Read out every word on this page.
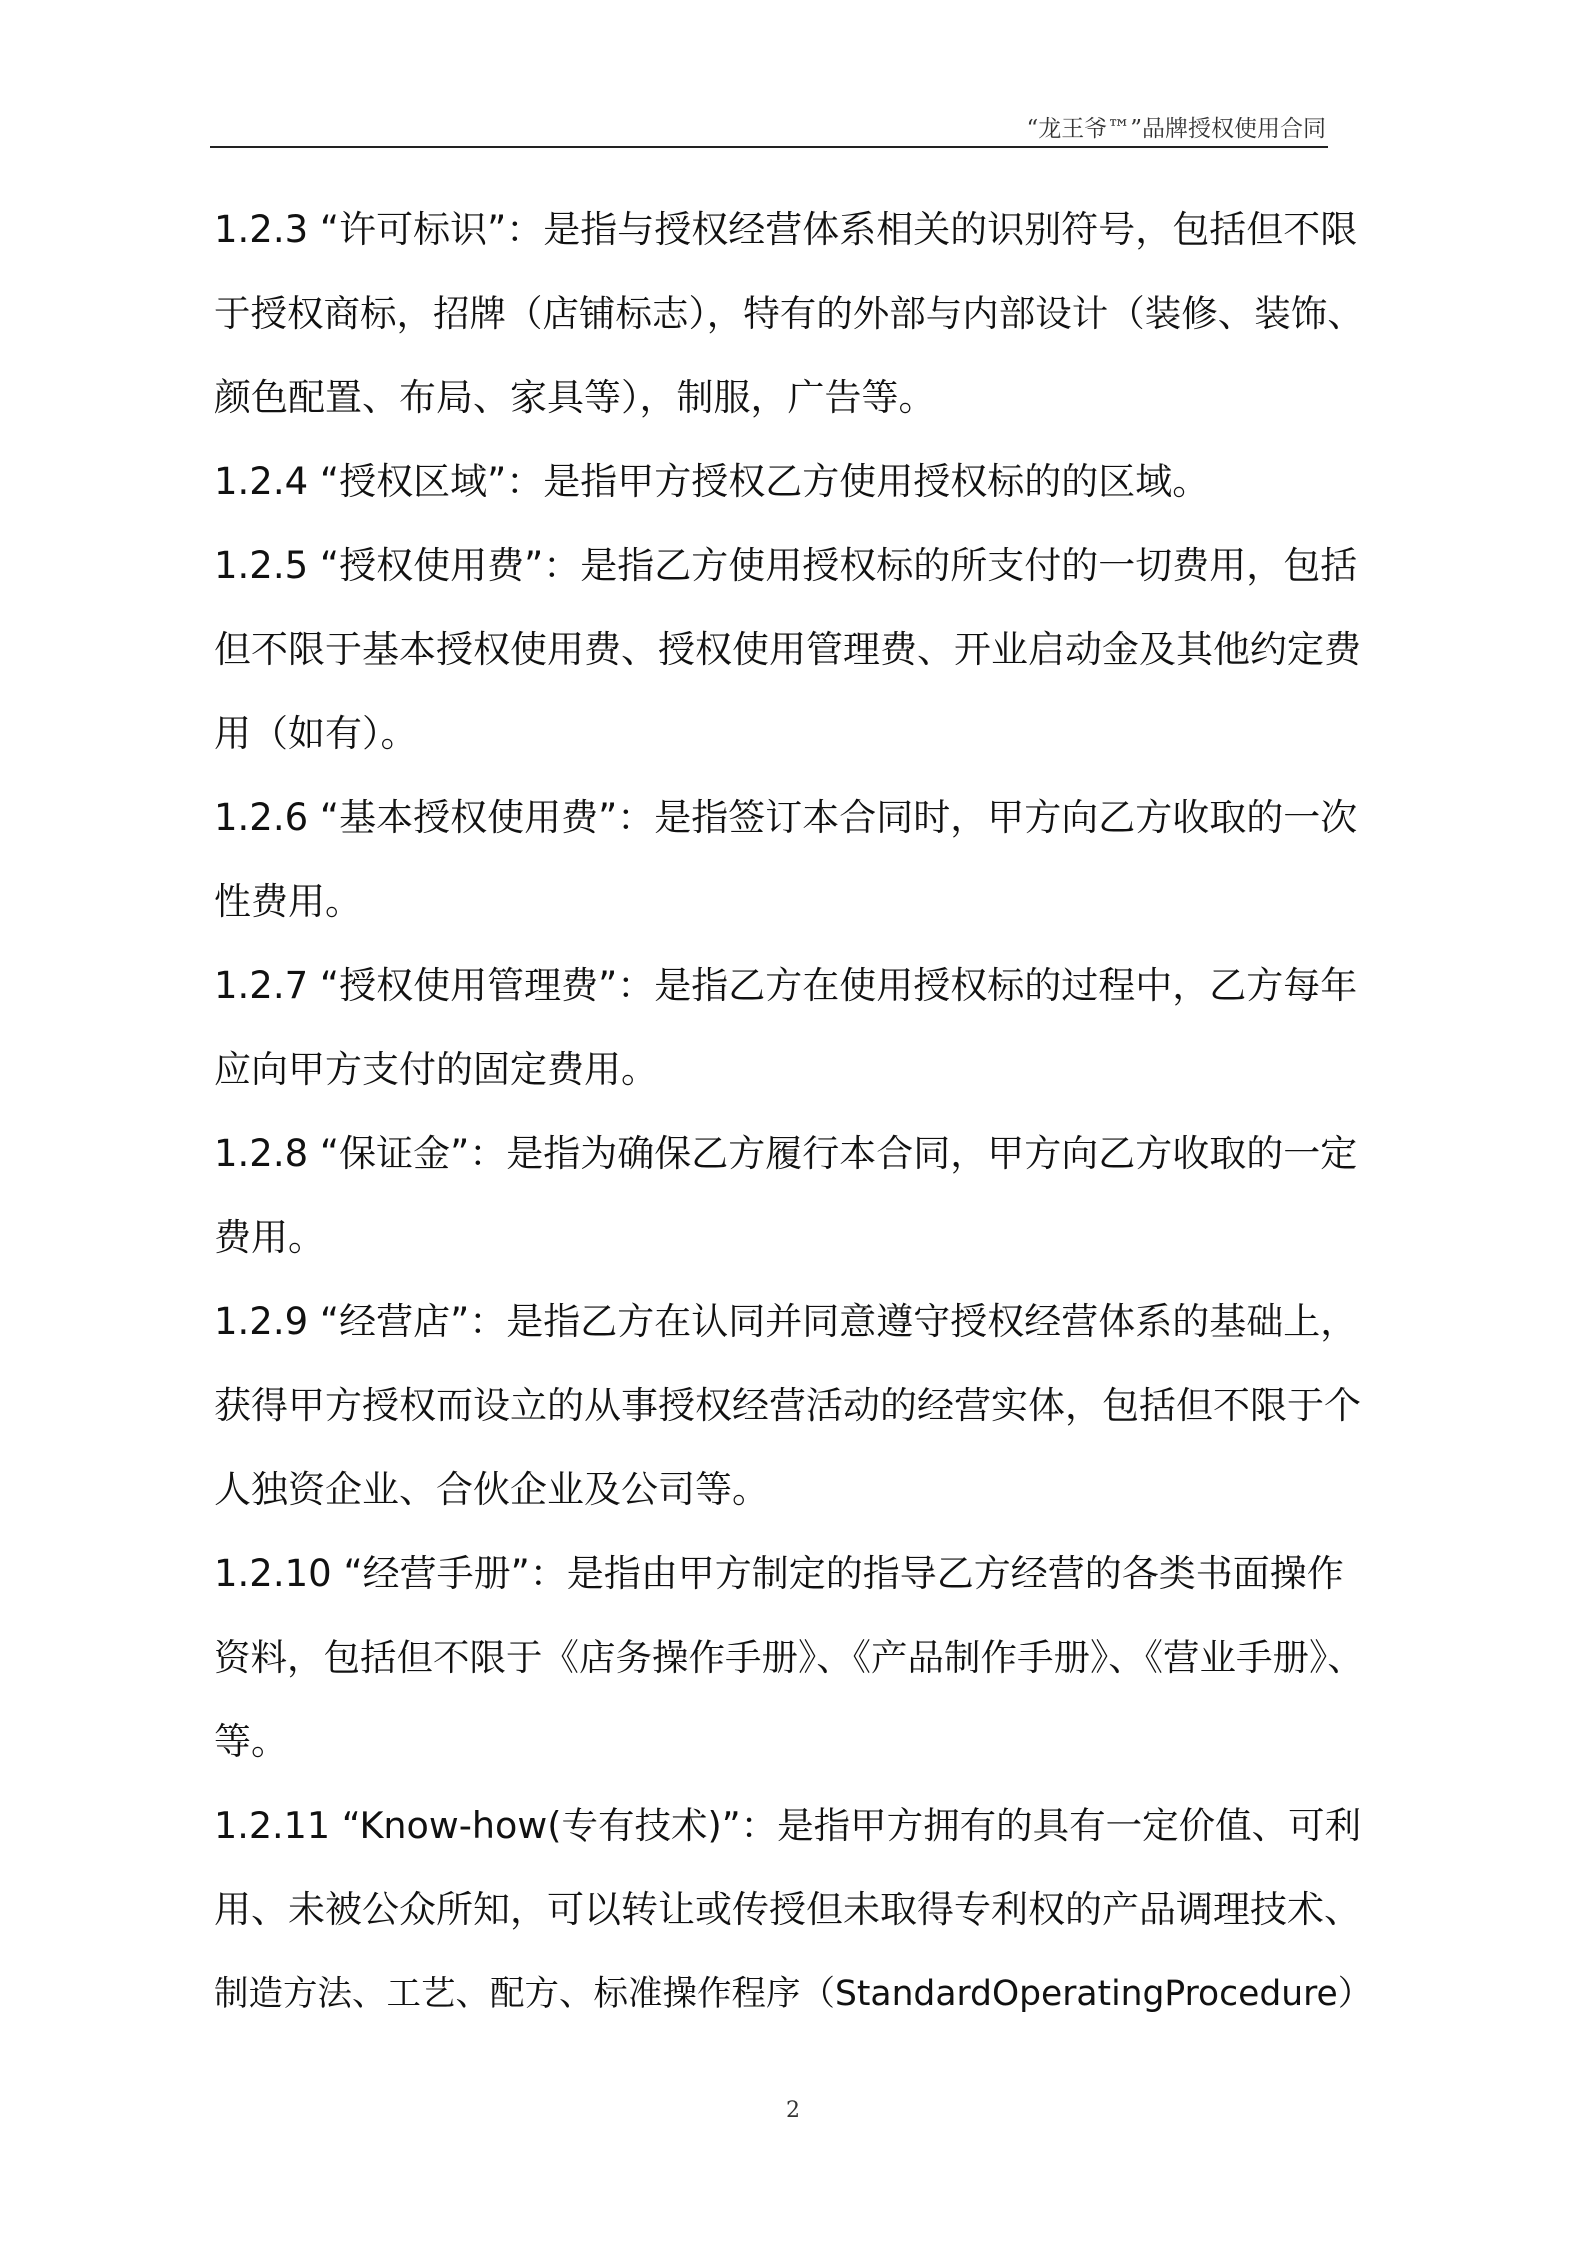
“龙王爷™”品牌授权使用合同
1.2.3 “许可标识”：是指与授权经营体系相关的识别符号，包括但不限
于授权商标，招牌（店铺标志），特有的外部与内部设计（装修、装饰、
颜色配置、布局、家具等），制服，广告等。
1.2.4 “授权区域”：是指甲方授权乙方使用授权标的的区域。
1.2.5 “授权使用费”：是指乙方使用授权标的所支付的一切费用，包括
但不限于基本授权使用费、授权使用管理费、开业启动金及其他约定费
用（如有）。
1.2.6 “基本授权使用费”：是指签订本合同时，甲方向乙方收取的一次
性费用。
1.2.7 “授权使用管理费”：是指乙方在使用授权标的过程中，乙方每年
应向甲方支付的固定费用。
1.2.8 “保证金”：是指为确保乙方履行本合同，甲方向乙方收取的一定
费用。
1.2.9 “经营店”：是指乙方在认同并同意遵守授权经营体系的基础上，
获得甲方授权而设立的从事授权经营活动的经营实体，包括但不限于个
人独资企业、合伙企业及公司等。
1.2.10 “经营手册”：是指由甲方制定的指导乙方经营的各类书面操作
资料，包括但不限于《店务操作手册》、《产品制作手册》、《营业手册》、
等。
1.2.11 “Know-how(专有技术)”：是指甲方拥有的具有一定价值、可利
用、未被公众所知，可以转让或传授但未取得专利权的产品调理技术、
制造方法、工艺、配方、标准操作程序（StandardOperatingProcedure）
2
